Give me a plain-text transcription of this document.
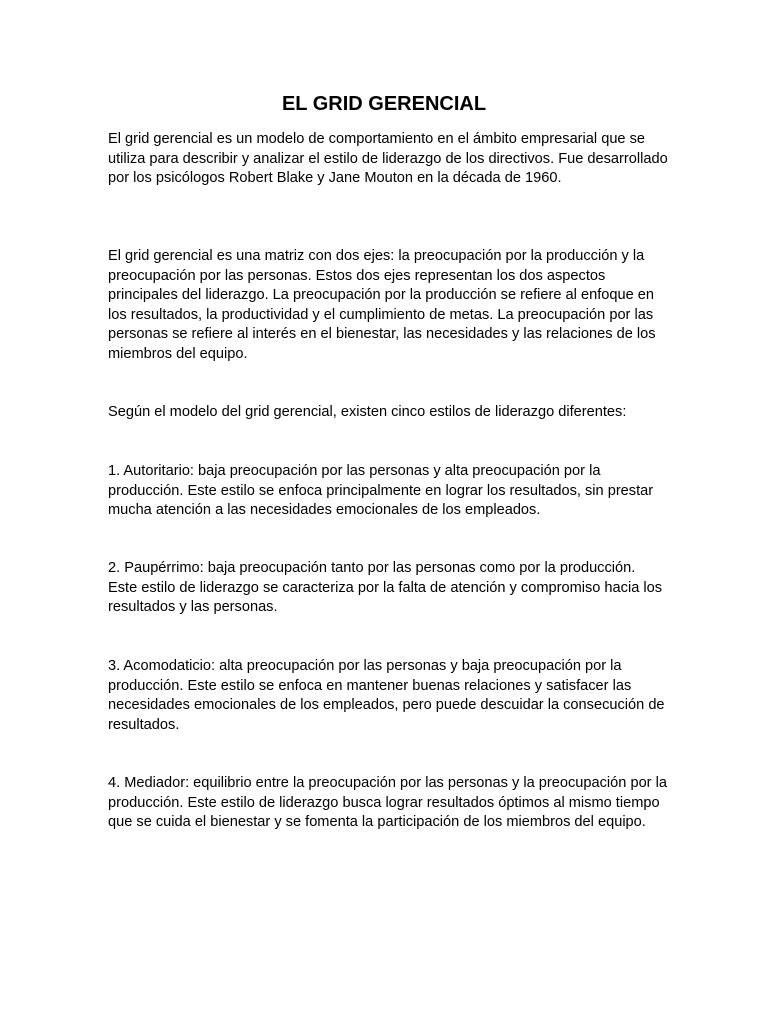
EL GRID GERENCIAL

El grid gerencial es un modelo de comportamiento en el ámbito empresarial que se utiliza para describir y analizar el estilo de liderazgo de los directivos. Fue desarrollado por los psicólogos Robert Blake y Jane Mouton en la década de 1960.

El grid gerencial es una matriz con dos ejes: la preocupación por la producción y la preocupación por las personas. Estos dos ejes representan los dos aspectos principales del liderazgo. La preocupación por la producción se refiere al enfoque en los resultados, la productividad y el cumplimiento de metas. La preocupación por las personas se refiere al interés en el bienestar, las necesidades y las relaciones de los miembros del equipo.

Según el modelo del grid gerencial, existen cinco estilos de liderazgo diferentes:

1. Autoritario: baja preocupación por las personas y alta preocupación por la producción. Este estilo se enfoca principalmente en lograr los resultados, sin prestar mucha atención a las necesidades emocionales de los empleados.

2. Paupérrimo: baja preocupación tanto por las personas como por la producción. Este estilo de liderazgo se caracteriza por la falta de atención y compromiso hacia los resultados y las personas.

3. Acomodaticio: alta preocupación por las personas y baja preocupación por la producción. Este estilo se enfoca en mantener buenas relaciones y satisfacer las necesidades emocionales de los empleados, pero puede descuidar la consecución de resultados.

4. Mediador: equilibrio entre la preocupación por las personas y la preocupación por la producción. Este estilo de liderazgo busca lograr resultados óptimos al mismo tiempo que se cuida el bienestar y se fomenta la participación de los miembros del equipo.
